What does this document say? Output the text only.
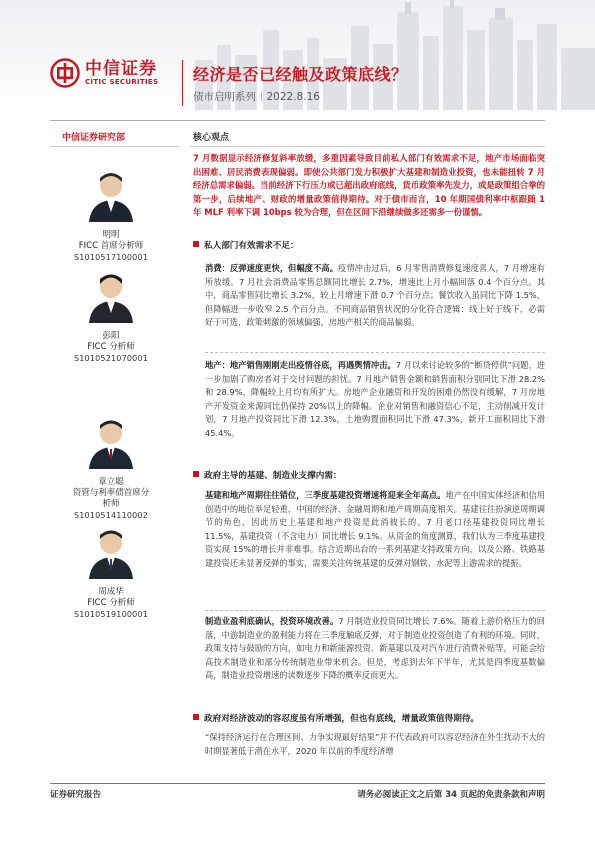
中信证券
CITIC SECURITIES 经济是否已经触及政策底线？
债市启明系列｜2022.8.16
中信证券研究部	核心观点
明明
FICC 首席分析师
S1010517100001
彭阳
FICC 分析师
S1010521070001
章立聪
资管与利率债首席分析师
S1010514110002
周成华
FICC 分析师
S1010519100001
7 月数据显示经济修复斜率放缓，多重因素导致目前私人部门有效需求不足，地产市场面临突出困难、居民消费表现偏弱。即使公共部门发力积极扩大基建和制造业投资，也未能扭转 7 月经济总需求偏弱。当前经济下行压力或已超出政府底线，货币政策率先发力，或是政策组合拳的第一步，后续地产、财政的增量政策值得期待。对于债市而言，10 年期国债利率中枢跟随 1 年 MLF 利率下调 10bps 较为合理，但在区间下沿继续做多还需多一份谨慎。
私人部门有效需求不足：
消费：反弹速度更快，但幅度不高。疫情冲击过后，6 月零售消费修复速度喜人，7 月增速有所放缓。7 月社会消费品零售总额同比增长 2.7%，增速比上月小幅回落 0.4 个百分点。其中，商品零售同比增长 3.2%，较上月增速下滑 0.7 个百分点；餐饮收入虽同比下降 1.5%，但降幅进一步收窄 2.5 个百分点。不同商品销售状况的分化符合逻辑：线上好于线下，必需好于可选，政策刺激的领域偏强，房地产相关的商品偏弱。
地产：地产销售刚刚走出疫情谷底，再遇舆情冲击。7 月以来讨论较多的“断贷停供”问题，进一步加剧了购房者对于交付问题的担忧。7 月地产销售金额和销售面积分别同比下滑 28.2%和 28.9%，降幅较上月均有所扩大。房地产企业融资和开发的困难仍然没有缓解，7 月房地产开发资金来源同比仍保持 20%以上的降幅。企业对销售和融资信心不足，主动削减开发计划，7 月地产投资同比下滑 12.3%，土地购置面积同比下滑 47.3%，新开工面积同比下滑 45.4%。
政府主导的基建、制造业支撑内需：
基建和地产周期往往错位，三季度基建投资增速将迎来全年高点。地产在中国实体经济和信用创造中的地位举足轻重，中国的经济、金融周期和地产周期高度相关。基建往往扮演逆周期调节的角色，因此历史上基建和地产投资是此消彼长的。7 月老口径基建投资同比增长 11.5%，基建投资（不含电力）同比增长 9.1%。从资金的角度测算，我们认为三季度基建投资实现 15%的增长并非难事。结合近期出台的一系列基建支持政策方向，以及公路、铁路基建投资还未显著反弹的事实，需要关注传统基建的反弹对钢铁、水泥等上游需求的提振。
制造业盈利底确认，投资环境改善。7 月制造业投资同比增长 7.6%。随着上游价格压力的回落，中游制造业的盈利能力将在三季度触底反弹，对于制造业投资创造了有利的环境。同时，政策支持与鼓励的方向，如电力和新能源投资、新基建以及对汽车进行消费补贴等，可能会给高技术制造业和部分传统制造业带来机会。但是，考虑到去年下半年，尤其是四季度基数偏高，制造业投资增速的读数逐步下降的概率反而更大。
政府对经济波动的容忍度虽有所增强，但也有底线，增量政策值得期待。
“保持经济运行在合理区间、力争实现最好结果”并不代表政府可以容忍经济在外生扰动不大的时期显著低于潜在水平，2020 年以前的季度经济增
证券研究报告	请务必阅读正文之后第 34 页起的免责条款和声明
